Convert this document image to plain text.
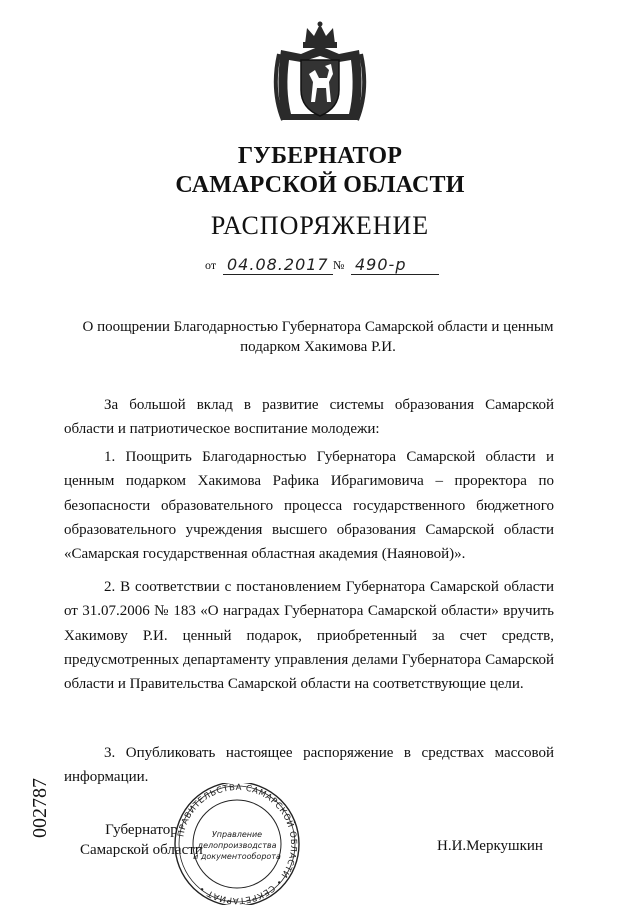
ГУБЕРНАТОР
САМАРСКОЙ ОБЛАСТИ
РАСПОРЯЖЕНИЕ
от 04.08.2017 № 490-р
О поощрении Благодарностью Губернатора Самарской области и ценным
подарком Хакимова Р.И.
За большой вклад в развитие системы образования Самарской области и патриотическое воспитание молодежи:
1. Поощрить Благодарностью Губернатора Самарской области и ценным подарком Хакимова Рафика Ибрагимовича – проректора по безопасности образовательного процесса государственного бюджетного образовательного учреждения высшего образования Самарской области «Самарская государственная областная академия (Наяновой)».
2. В соответствии с постановлением Губернатора Самарской области от 31.07.2006 № 183 «О наградах Губернатора Самарской области» вручить Хакимову Р.И. ценный подарок, приобретенный за счет средств, предусмотренных департаменту управления делами Губернатора Самарской области и Правительства Самарской области на соответствующие цели.
3. Опубликовать настоящее распоряжение в средствах массовой информации.
002787	Губернатор
Самарской области	Н.И.Меркушкин
ПРАВИТЕЛЬСТВА САМАРСКОЙ ОБЛАСТИ • СЕКРЕТАРИАТ •
Управление
делопроизводства
и документооборота
